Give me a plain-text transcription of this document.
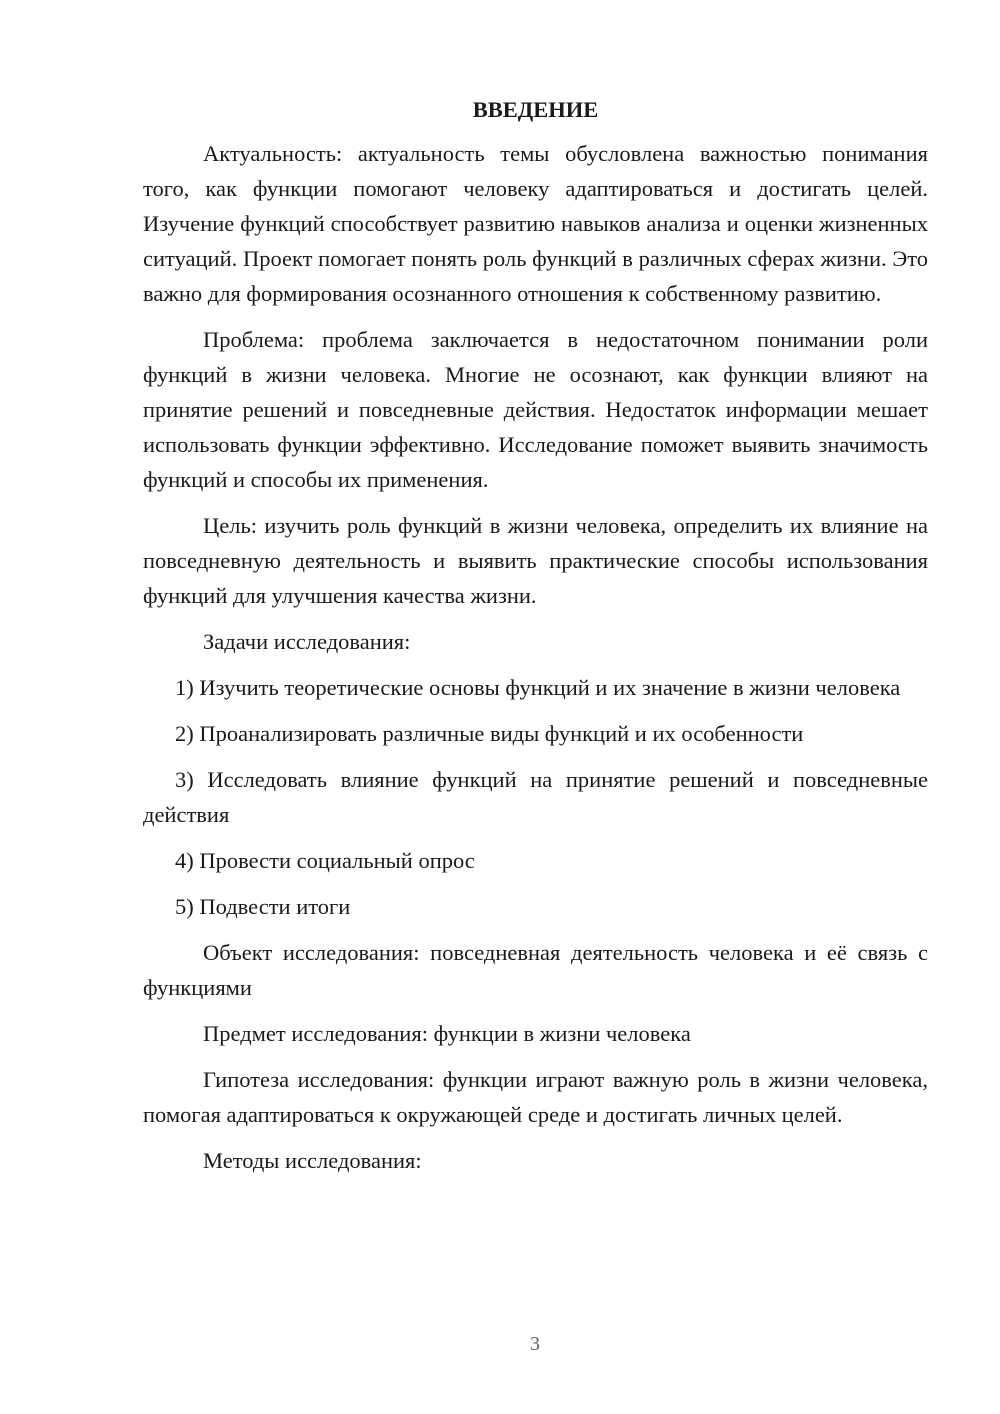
ВВЕДЕНИЕ

Актуальность: актуальность темы обусловлена важностью понимания того, как функции помогают человеку адаптироваться и достигать целей. Изучение функций способствует развитию навыков анализа и оценки жизненных ситуаций. Проект помогает понять роль функций в различных сферах жизни. Это важно для формирования осознанного отношения к собственному развитию.

Проблема: проблема заключается в недостаточном понимании роли функций в жизни человека. Многие не осознают, как функции влияют на принятие решений и повседневные действия. Недостаток информации мешает использовать функции эффективно. Исследование поможет выявить значимость функций и способы их применения.

Цель: изучить роль функций в жизни человека, определить их влияние на повседневную деятельность и выявить практические способы использования функций для улучшения качества жизни.

Задачи исследования:

1) Изучить теоретические основы функций и их значение в жизни человека

2) Проанализировать различные виды функций и их особенности

3) Исследовать влияние функций на принятие решений и повседневные действия

4) Провести социальный опрос

5) Подвести итоги

Объект исследования: повседневная деятельность человека и её связь с функциями

Предмет исследования: функции в жизни человека

Гипотеза исследования: функции играют важную роль в жизни человека, помогая адаптироваться к окружающей среде и достигать личных целей.

Методы исследования:

3
